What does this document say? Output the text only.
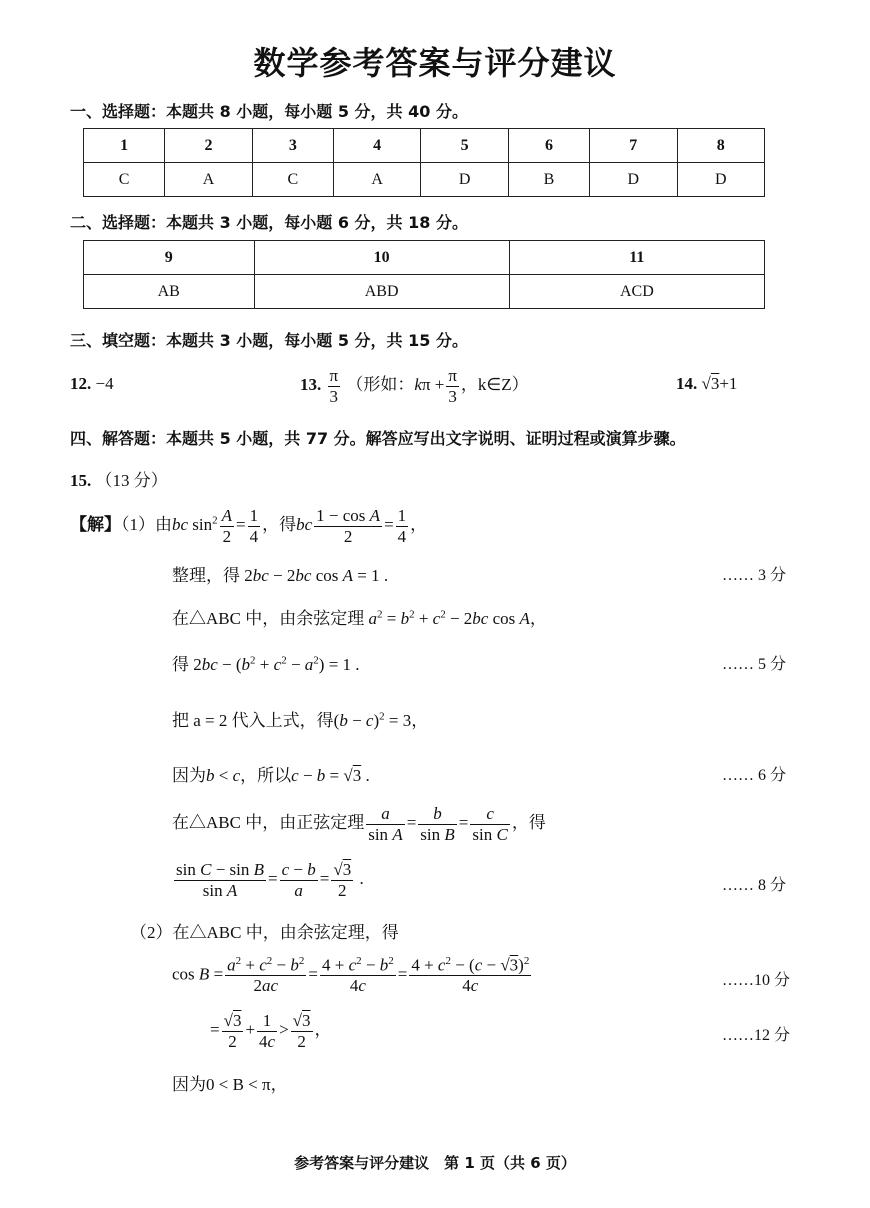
数学参考答案与评分建议
一、选择题：本题共 8 小题，每小题 5 分，共 40 分。
1	2	3	4	5	6	7	8
C	A	C	A	D	B	D	D
二、选择题：本题共 3 小题，每小题 6 分，共 18 分。
9	10	11
AB	ABD	ACD
三、填空题：本题共 3 小题，每小题 5 分，共 15 分。
12. −4	13. $\frac{\pi}{3}$ （形如：$k\pi + \frac{\pi}{3}$ ，k∈Z）	14. √3+1
四、解答题：本题共 5 小题，共 77 分。解答应写出文字说明、证明过程或演算步骤。
15. （13 分）
【解】（1）由bc $\sin^2 \frac{A}{2} = \frac{1}{4}$ ，得bc $\frac{\text{1 − cos A}}{2} = \frac{1}{4}$ ，
整理，得 2bc − 2bc cos A = 1 .	…… 3 分
在△ABC 中，由余弦定理 $a^2 = b^2 + c^2 - 2bc$ cos A，
得 $2bc - (b^2 + c^2 - a^2) = 1$ .	…… 5 分
把 a = 2 代入上式，得$(b - c)^2 = 3$，
因为b < c，所以c − b = √3 .	…… 6 分
在△ABC 中，由正弦定理 $\frac{a}{\text{sin A}} = \frac{b}{\text{sin B}} = \frac{c}{\text{sin C}}$ ，得
$\frac{\text{sin C − sin B}}{\text{sin A}} = \frac{c - b}{a} = \frac{√3}{2}$ .	…… 8 分
（2）在△ABC 中，由余弦定理，得
$\cos B = \frac{a^2 + c^2 - b^2}{2ac} = \frac{4 + c^2 - b^2}{4c} = \frac{4 + c^2 - (c - √3)^2}{4c}$	……10 分
= $\frac{√3}{2} + \frac{1}{4c} > \frac{√3}{2}$ ，	……12 分
因为0 < B < π，
参考答案与评分建议　第 1 页（共 6 页）
